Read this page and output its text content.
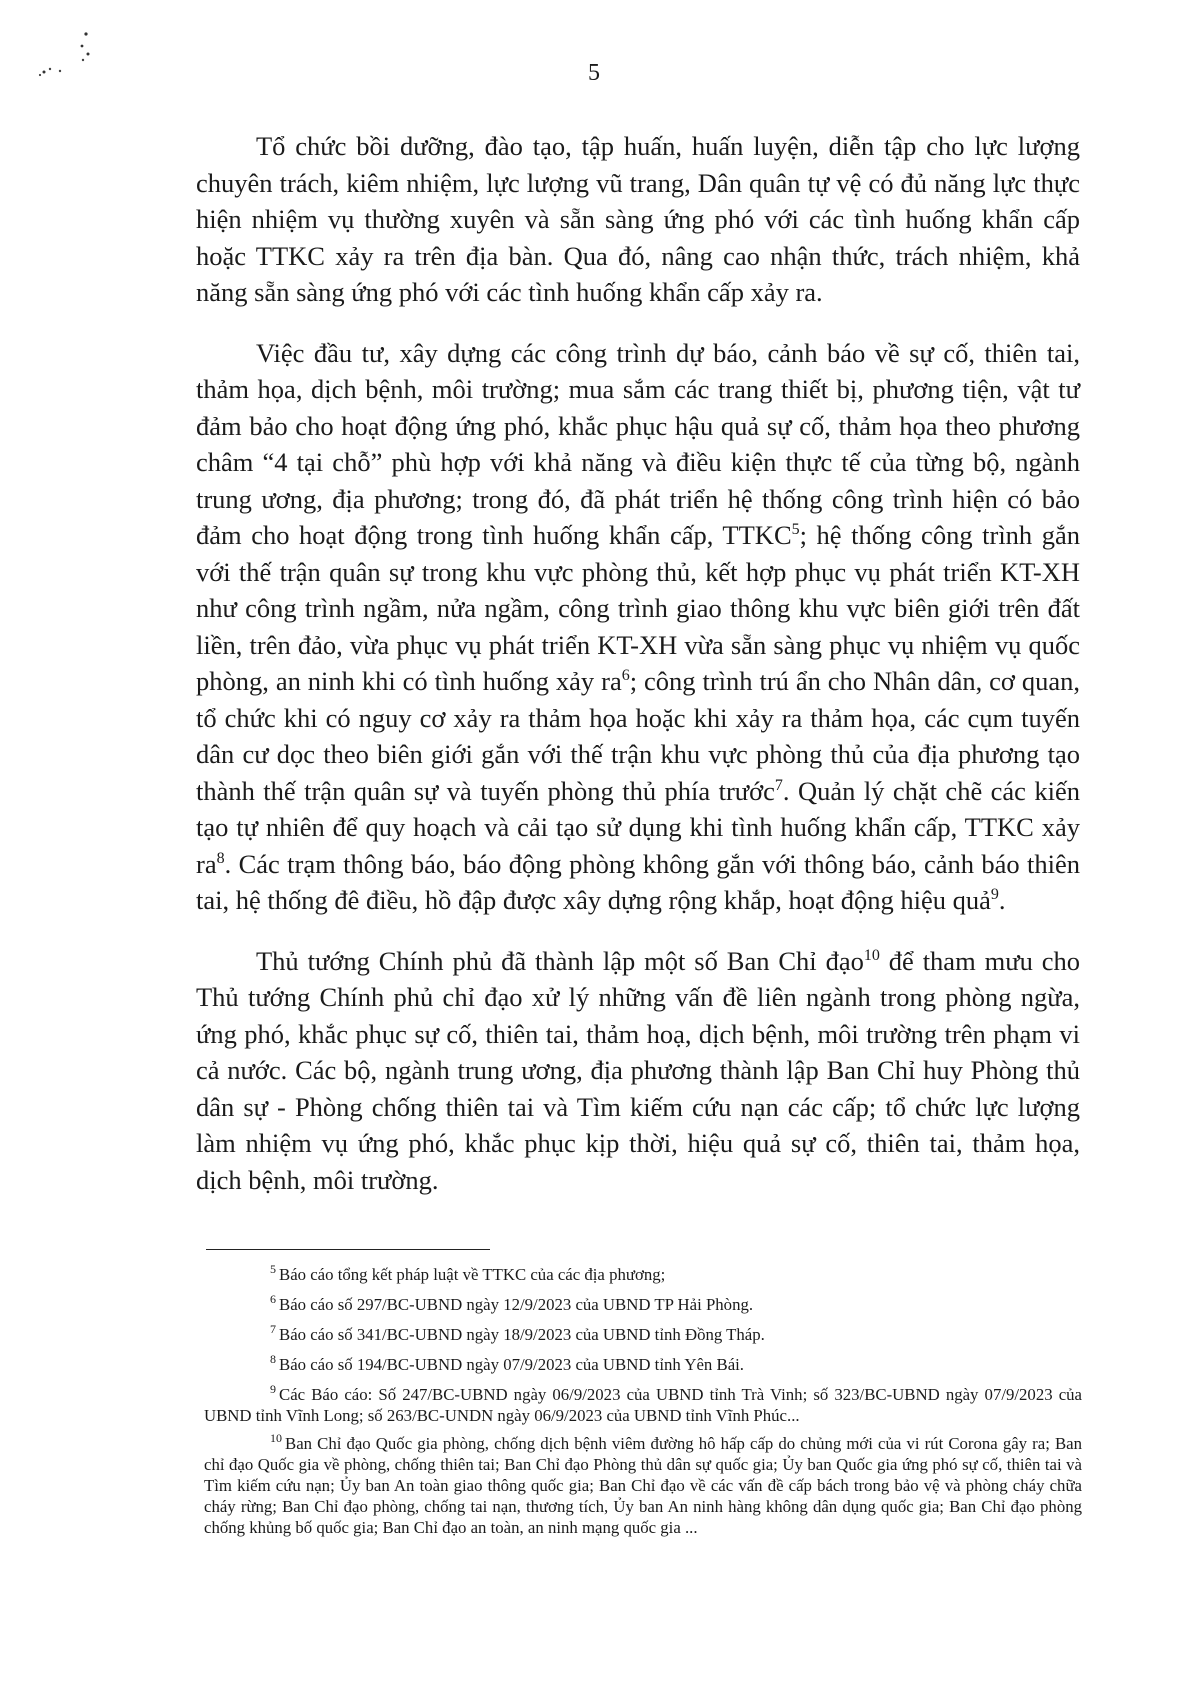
5

Tổ chức bồi dưỡng, đào tạo, tập huấn, huấn luyện, diễn tập cho lực lượng chuyên trách, kiêm nhiệm, lực lượng vũ trang, Dân quân tự vệ có đủ năng lực thực hiện nhiệm vụ thường xuyên và sẵn sàng ứng phó với các tình huống khẩn cấp hoặc TTKC xảy ra trên địa bàn. Qua đó, nâng cao nhận thức, trách nhiệm, khả năng sẵn sàng ứng phó với các tình huống khẩn cấp xảy ra.

Việc đầu tư, xây dựng các công trình dự báo, cảnh báo về sự cố, thiên tai, thảm họa, dịch bệnh, môi trường; mua sắm các trang thiết bị, phương tiện, vật tư đảm bảo cho hoạt động ứng phó, khắc phục hậu quả sự cố, thảm họa theo phương châm “4 tại chỗ” phù hợp với khả năng và điều kiện thực tế của từng bộ, ngành trung ương, địa phương; trong đó, đã phát triển hệ thống công trình hiện có bảo đảm cho hoạt động trong tình huống khẩn cấp, TTKC$^5$; hệ thống công trình gắn với thế trận quân sự trong khu vực phòng thủ, kết hợp phục vụ phát triển KT-XH như công trình ngầm, nửa ngầm, công trình giao thông khu vực biên giới trên đất liền, trên đảo, vừa phục vụ phát triển KT-XH vừa sẵn sàng phục vụ nhiệm vụ quốc phòng, an ninh khi có tình huống xảy $ra^6$; công trình trú ẩn cho Nhân dân, cơ quan, tổ chức khi có nguy cơ xảy ra thảm họa hoặc khi xảy ra thảm họa, các cụm tuyến dân cư dọc theo biên giới gắn với thế trận khu vực phòng thủ của địa phương tạo thành thế trận quân sự và tuyến phòng thủ phía trước$^7$. Quản lý chặt chẽ các kiến tạo tự nhiên để quy hoạch và cải tạo sử dụng khi tình huống khẩn cấp, TTKC xảy $ra^8$. Các trạm thông báo, báo động phòng không gắn với thông báo, cảnh báo thiên tai, hệ thống đê điều, hồ đập được xây dựng rộng khắp, hoạt động hiệu quả$^9$.

Thủ tướng Chính phủ đã thành lập một số Ban Chỉ đạo$^{10}$ để tham mưu cho Thủ tướng Chính phủ chỉ đạo xử lý những vấn đề liên ngành trong phòng ngừa, ứng phó, khắc phục sự cố, thiên tai, thảm hoạ, dịch bệnh, môi trường trên phạm vi cả nước. Các bộ, ngành trung ương, địa phương thành lập Ban Chỉ huy Phòng thủ dân sự - Phòng chống thiên tai và Tìm kiếm cứu nạn các cấp; tổ chức lực lượng làm nhiệm vụ ứng phó, khắc phục kịp thời, hiệu quả sự cố, thiên tai, thảm họa, dịch bệnh, môi trường.

$^5$ Báo cáo tổng kết pháp luật về TTKC của các địa phương;
$^6$ Báo cáo số 297/BC-UBND ngày 12/9/2023 của UBND TP Hải Phòng.
$^7$ Báo cáo số 341/BC-UBND ngày 18/9/2023 của UBND tỉnh Đồng Tháp.
$^8$ Báo cáo số 194/BC-UBND ngày 07/9/2023 của UBND tỉnh Yên Bái.
$^9$ Các Báo cáo: Số 247/BC-UBND ngày 06/9/2023 của UBND tỉnh Trà Vinh; số 323/BC-UBND ngày 07/9/2023 của UBND tỉnh Vĩnh Long; số 263/BC-UNDN ngày 06/9/2023 của UBND tỉnh Vĩnh Phúc...
$^{10}$ Ban Chỉ đạo Quốc gia phòng, chống dịch bệnh viêm đường hô hấp cấp do chủng mới của vi rút Corona gây ra; Ban chỉ đạo Quốc gia về phòng, chống thiên tai; Ban Chỉ đạo Phòng thủ dân sự quốc gia; Ủy ban Quốc gia ứng phó sự cố, thiên tai và Tìm kiếm cứu nạn; Ủy ban An toàn giao thông quốc gia; Ban Chỉ đạo về các vấn đề cấp bách trong bảo vệ và phòng cháy chữa cháy rừng; Ban Chỉ đạo phòng, chống tai nạn, thương tích, Ủy ban An ninh hàng không dân dụng quốc gia; Ban Chỉ đạo phòng chống khủng bố quốc gia; Ban Chỉ đạo an toàn, an ninh mạng quốc gia ...
